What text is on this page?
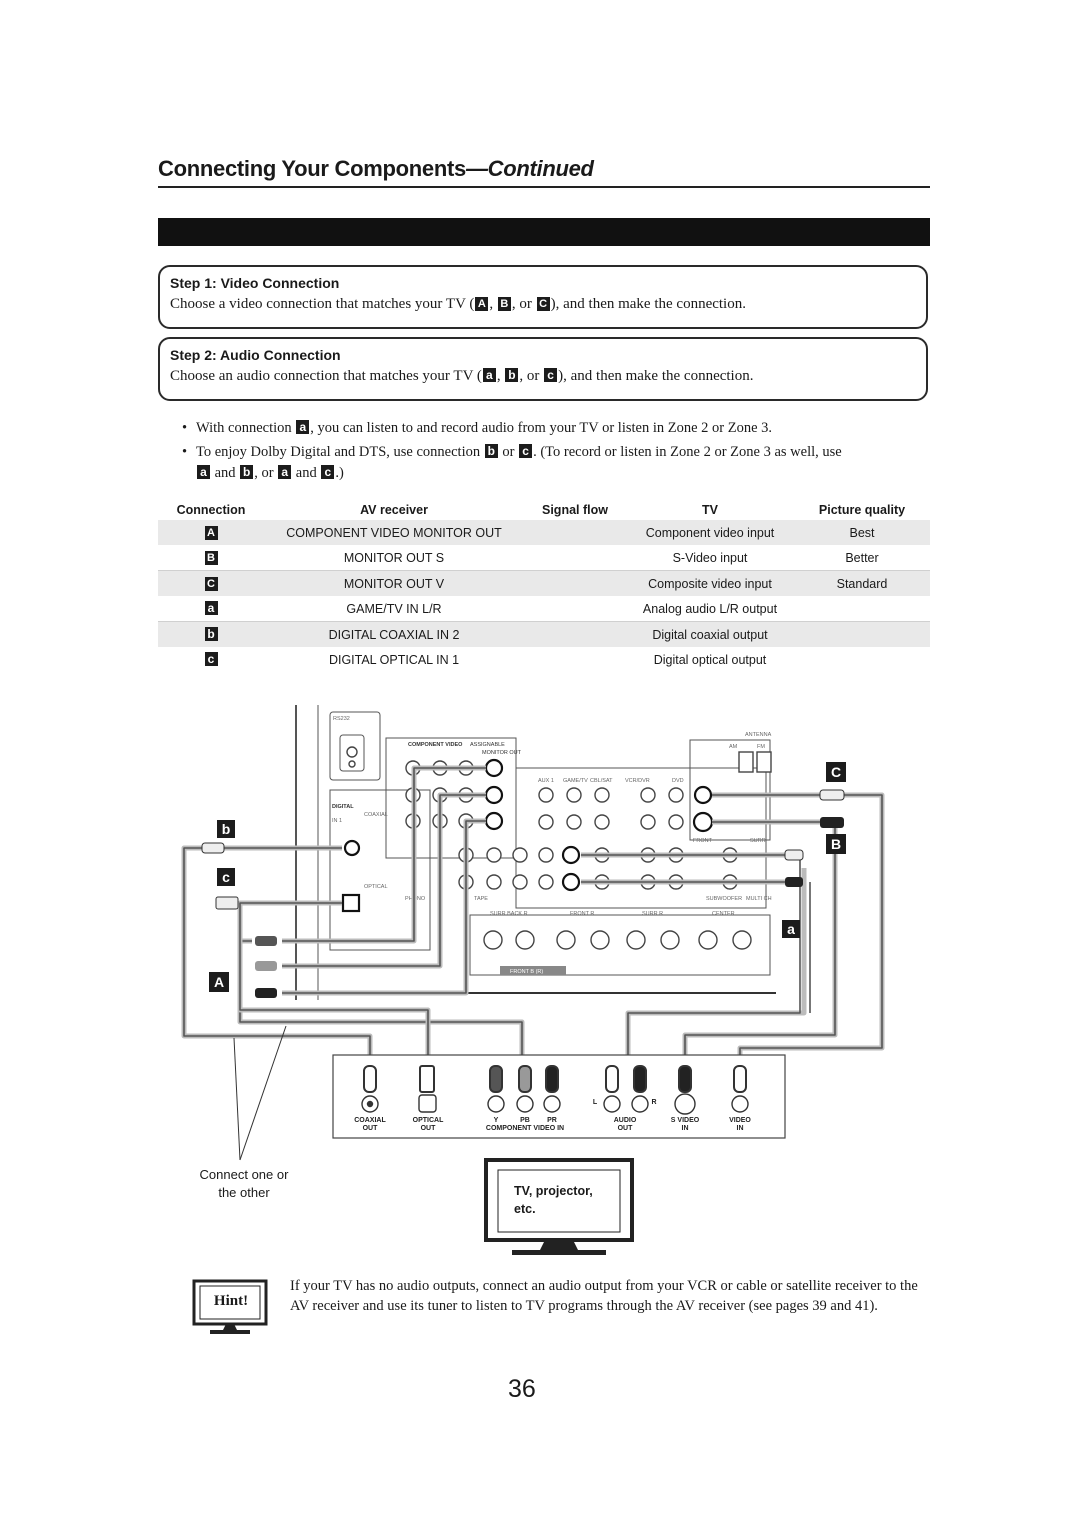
Connecting Your Components—Continued
Step 1: Video Connection
Choose a video connection that matches your TV ( A , B , or C ), and then make the connection.
Step 2: Audio Connection
Choose an audio connection that matches your TV ( a , b , or c ), and then make the connection.
• With connection a , you can listen to and record audio from your TV or listen in Zone 2 or Zone 3.
• To enjoy Dolby Digital and DTS, use connection b or c . (To record or listen in Zone 2 or Zone 3 as well, use
a and b , or a and c .)
Connection	AV receiver	Signal flow	TV	Picture quality
A	COMPONENT VIDEO MONITOR OUT		Component video input	Best
B	MONITOR OUT S		S-Video input	Better
C	MONITOR OUT V		Composite video input	Standard
a	GAME/TV IN L/R		Analog audio L/R output	
b	DIGITAL COAXIAL IN 2		Digital coaxial output	
c	DIGITAL OPTICAL IN 1		Digital optical output	
RS232
COMPONENT VIDEO ASSIGNABLE
MONITOR OUT
DIGITAL
COAXIAL
IN 1
IN 2
OPTICAL
ANTENNA
AM	FM
AUX 1 GAME/TV CBL/SAT VCR/DVR	DVD
PHONO	TAPE
SURR BACK R	FRONT R	SURR R	CENTER
FRONT	SURR
SUBWOOFER MULTI CH
FRONT B (R)
b
c
A
C
B
a
COAXIAL
OUT
OPTICAL
OUT
Y	PB PR
COMPONENT VIDEO IN
L	R
AUDIO
OUT
S VIDEO
IN
VIDEO
IN
Connect one or the other	TV, projector,
etc.
Hint!
If your TV has no audio outputs, connect an audio output from your VCR or cable or satellite receiver to the AV receiver and use its tuner to listen to TV programs through the AV receiver (see pages 39 and 41).
36
